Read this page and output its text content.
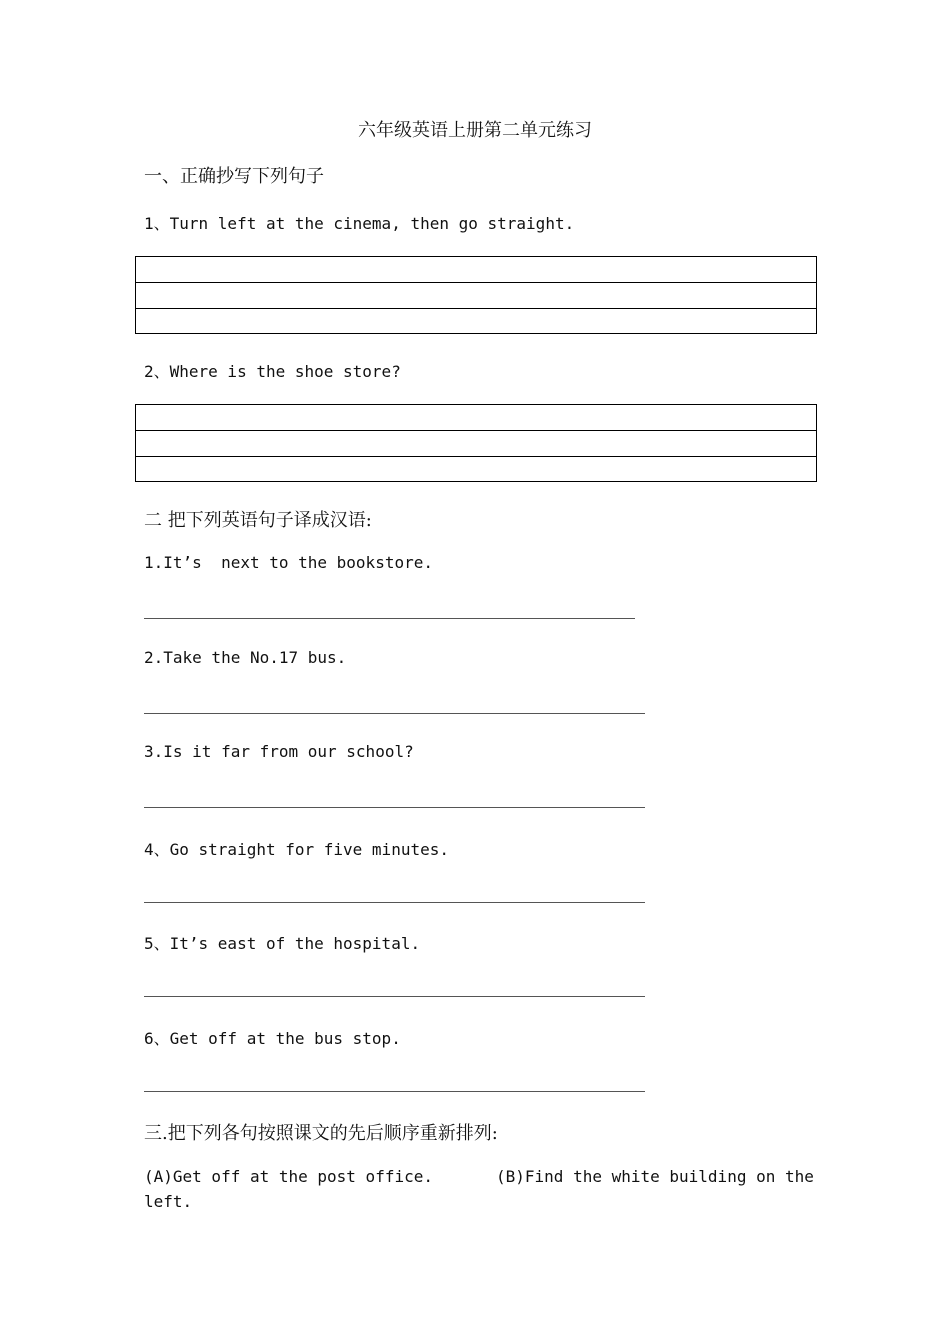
六年级英语上册第二单元练习
一、正确抄写下列句子
1、Turn left at the cinema, then go straight.
2、Where is the shoe store?
二 把下列英语句子译成汉语:
1.It’s  next to the bookstore.
2.Take the No.17 bus.
3.Is it far from our school?
4、Go straight for five minutes.
5、It’s east of the hospital.
6、Get off at the bus stop.
三.把下列各句按照课文的先后顺序重新排列:
(A)Get off at the post office.	(B)Find the white building on the
left.
